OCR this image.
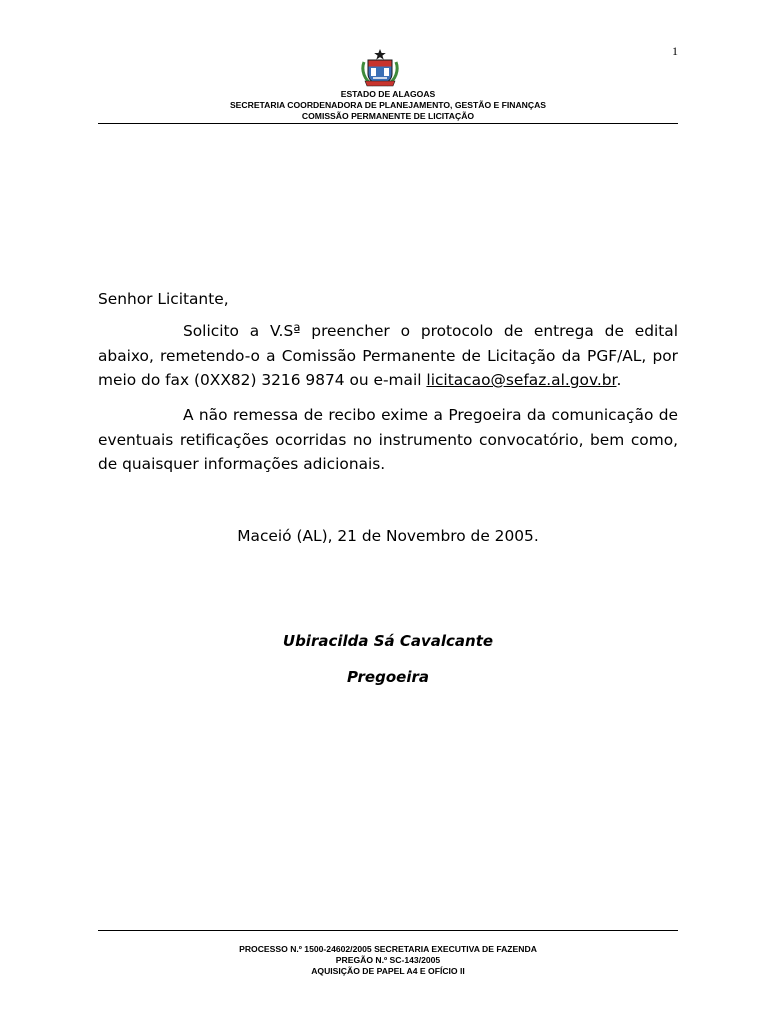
1
ESTADO DE ALAGOAS
SECRETARIA COORDENADORA DE PLANEJAMENTO, GESTÃO E FINANÇAS
COMISSÃO PERMANENTE DE LICITAÇÃO
Senhor Licitante,
Solicito a V.Sª preencher o protocolo de entrega de edital abaixo, remetendo-o a Comissão Permanente de Licitação da PGF/AL, por meio do fax (0XX82) 3216 9874 ou e-mail licitacao@sefaz.al.gov.br.
A não remessa de recibo exime a Pregoeira da comunicação de eventuais retificações ocorridas no instrumento convocatório, bem como, de quaisquer informações adicionais.
Maceió (AL), 21 de Novembro de 2005.
Ubiracilda Sá Cavalcante
Pregoeira
PROCESSO N.º 1500-24602/2005 SECRETARIA EXECUTIVA DE FAZENDA
PREGÃO N.º SC-143/2005
AQUISIÇÃO DE PAPEL A4 E OFÍCIO II
